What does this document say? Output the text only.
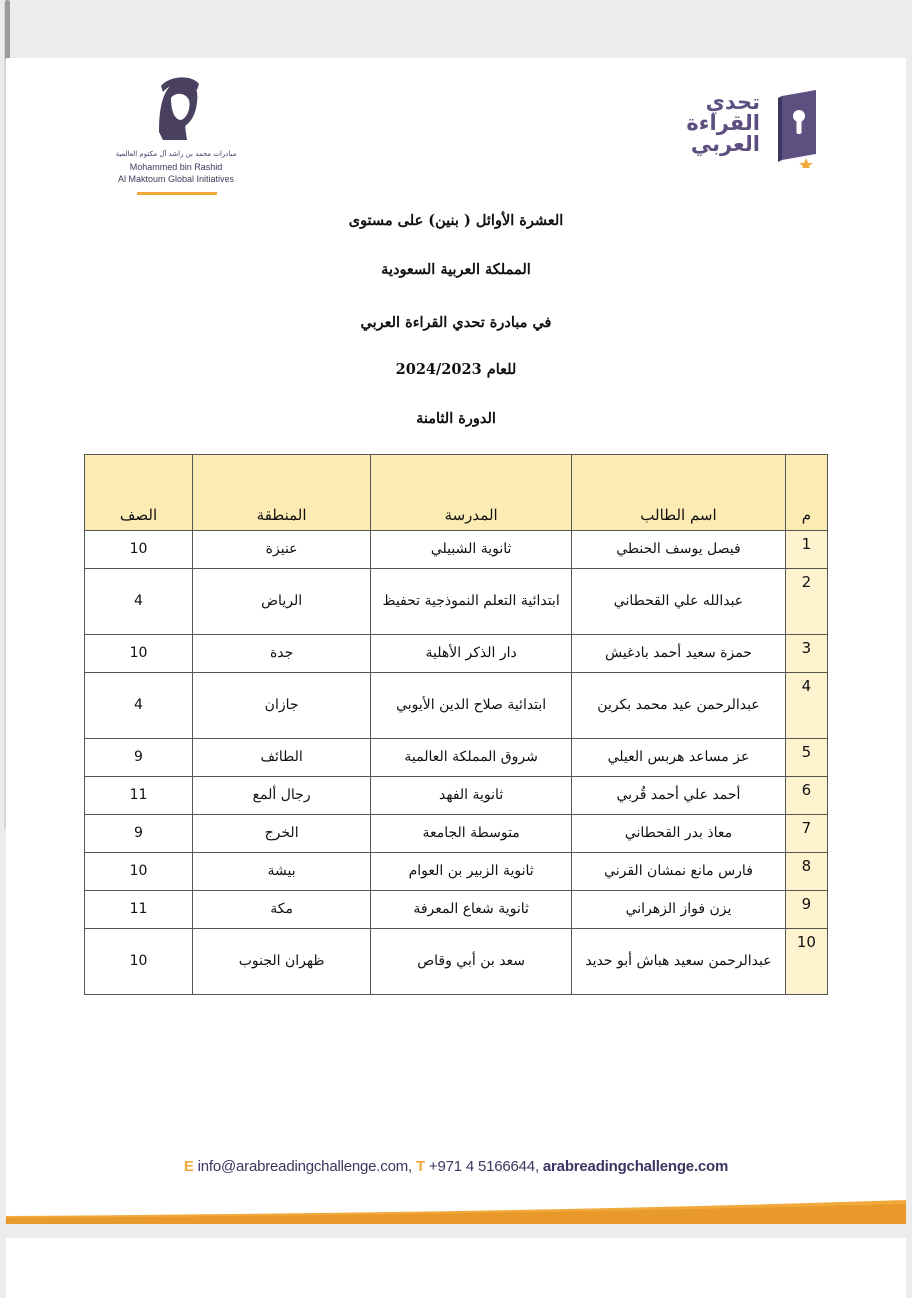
مبادرات محمد بن راشد آل مكتوم العالمية
Mohammed bin Rashid
Al Maktoum Global Initiatives
تحدي
القراءة
العربي
العشرة الأوائل ( بنين) على مستوى
المملكة العربية السعودية
في مبادرة تحدي القراءة العربي
للعام 2024/2023
الدورة الثامنة
م	اسم الطالب	المدرسة	المنطقة	الصف
1	فيصل يوسف الحنطي	ثانوية الشبيلي	عنيزة	10
2	عبدالله علي القحطاني	ابتدائية التعلم النموذجية تحفيظ	الرياض	4
3	حمزة سعيد أحمد بادغيش	دار الذكر الأهلية	جدة	10
4	عبدالرحمن عيد محمد بكرين	ابتدائية صلاح الدين الأيوبي	جازان	4
5	عز مساعد هربس العيلي	شروق المملكة العالمية	الطائف	9
6	أحمد علي أحمد قُربي	ثانوية الفهد	رجال ألمع	11
7	معاذ بدر القحطاني	متوسطة الجامعة	الخرج	9
8	فارس مانع نمشان القرني	ثانوية الزبير بن العوام	بيشة	10
9	يزن فواز الزهراني	ثانوية شعاع المعرفة	مكة	11
10	عبدالرحمن سعيد هباش أبو حديد	سعد بن أبي وقاص	ظهران الجنوب	10
E info@arabreadingchallenge.com, T +971 4 5166644, arabreadingchallenge.com
